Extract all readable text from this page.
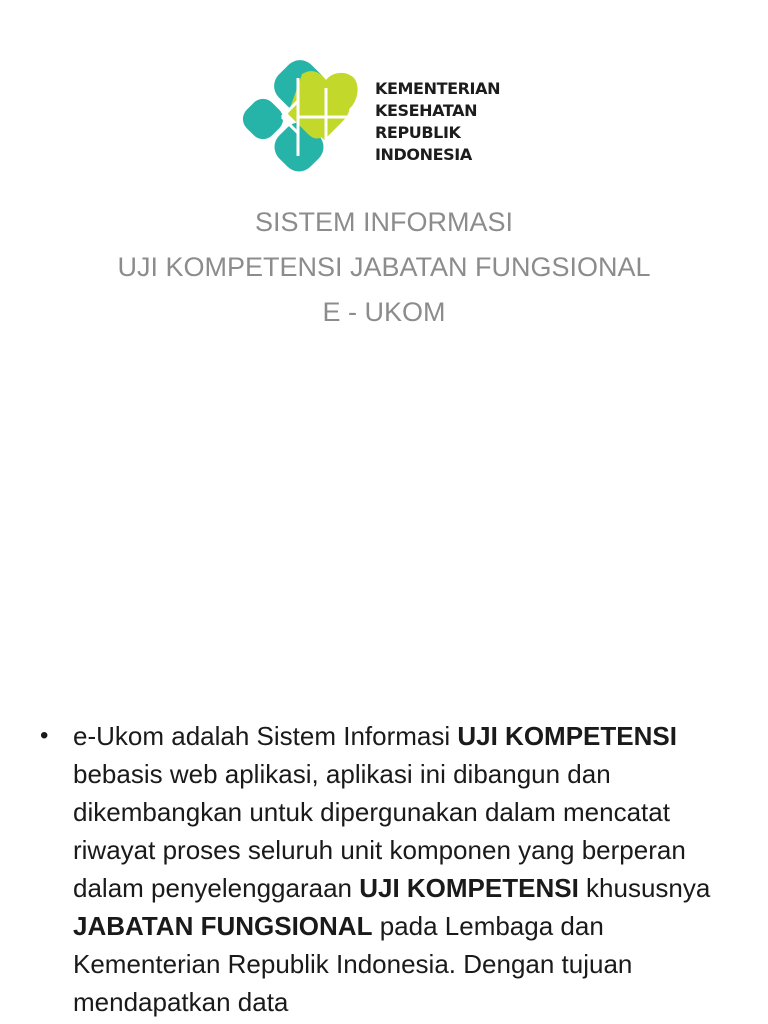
KEMENTERIAN
KESEHATAN
REPUBLIK
INDONESIA
SISTEM INFORMASI
UJI KOMPETENSI JABATAN FUNGSIONAL
E - UKOM
• e-Ukom adalah Sistem Informasi UJI KOMPETENSI bebasis web aplikasi, aplikasi ini dibangun dan dikembangkan untuk dipergunakan dalam mencatat riwayat proses seluruh unit komponen yang berperan dalam penyelenggaraan UJI KOMPETENSI khususnya JABATAN FUNGSIONAL pada Lembaga dan Kementerian Republik Indonesia. Dengan tujuan mendapatkan data
